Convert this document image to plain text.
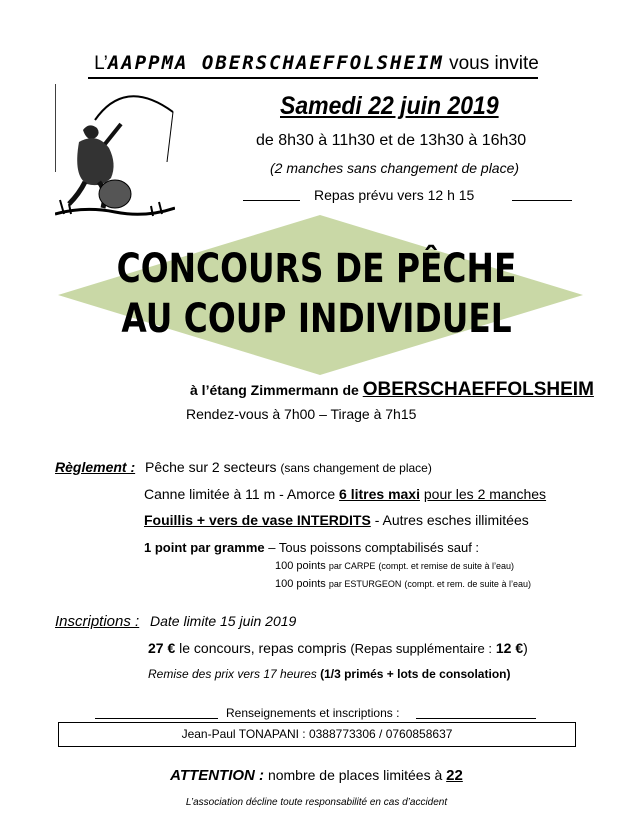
L’AAPPMA OBERSCHAEFFOLSHEIM vous invite
Samedi 22 juin 2019
de 8h30 à 11h30 et de 13h30 à 16h30
(2 manches sans changement de place)
Repas prévu vers 12 h 15
CONCOURS DE PÊCHE
AU COUP INDIVIDUEL
à l’étang Zimmermann de OBERSCHAEFFOLSHEIM
Rendez-vous à 7h00 – Tirage à 7h15
Règlement : Pêche sur 2 secteurs (sans changement de place)
Canne limitée à 11 m - Amorce 6 litres maxi pour les 2 manches
Fouillis + vers de vase INTERDITS - Autres esches illimitées
1 point par gramme – Tous poissons comptabilisés sauf :
100 points par CARPE (compt. et remise de suite à l’eau)
100 points par ESTURGEON (compt. et rem. de suite à l’eau)
Inscriptions : Date limite 15 juin 2019
27 € le concours, repas compris (Repas supplémentaire : 12 €)
Remise des prix vers 17 heures (1/3 primés + lots de consolation)
Renseignements et inscriptions :
Jean-Paul TONAPANI : 0388773306 / 0760858637
ATTENTION : nombre de places limitées à 22
L’association décline toute responsabilité en cas d’accident
